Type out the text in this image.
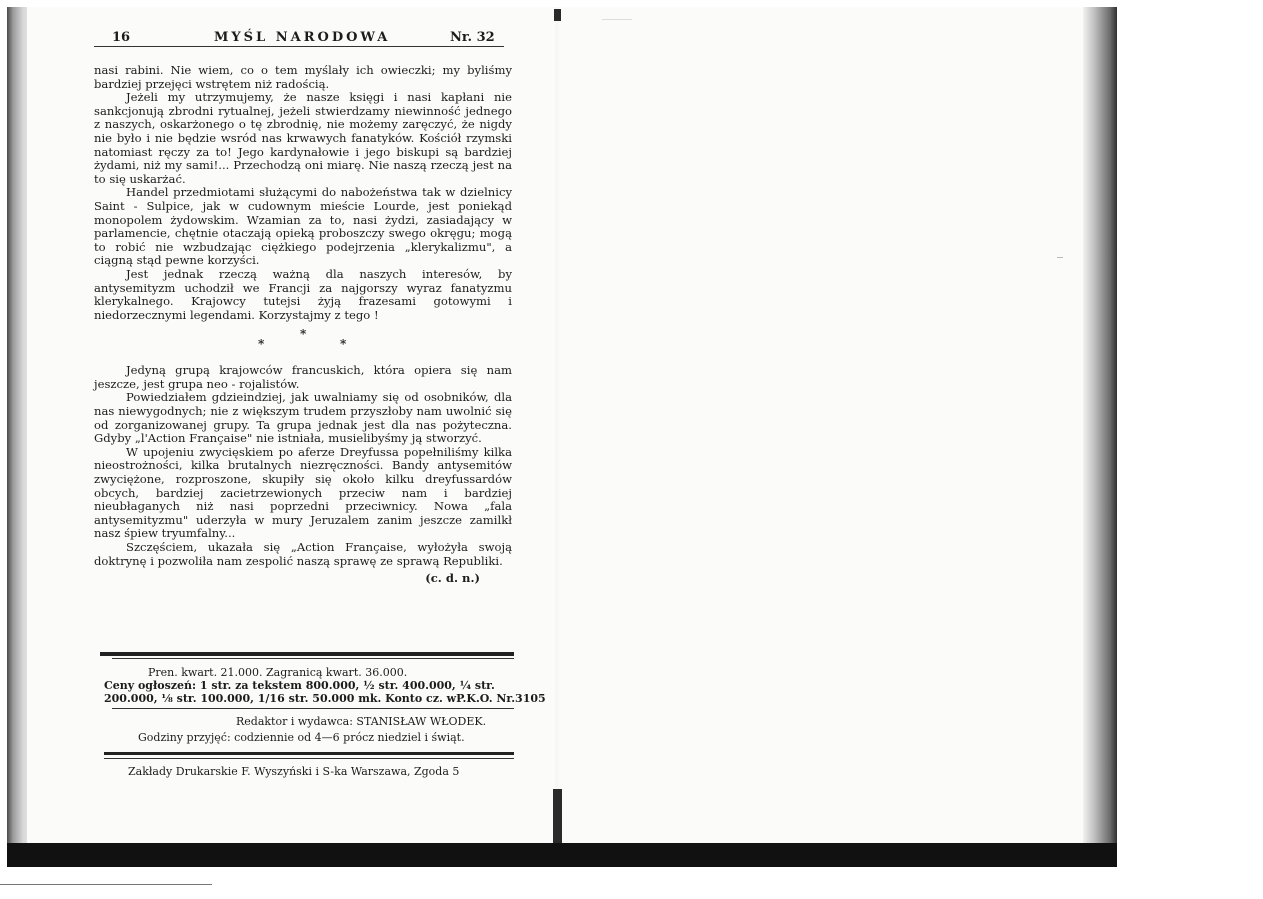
16	MYŚL NARODOWA	Nr. 32

nasi rabini. Nie wiem, co o tem myślały ich owieczki; my byliśmy bardziej przejęci wstrętem niż radością.

Jeżeli my utrzymujemy, że nasze księgi i nasi kapłani nie sankcjonują zbrodni rytualnej, jeżeli stwierdzamy niewinność jednego z naszych, oskarżonego o tę zbrodnię, nie możemy zaręczyć, że nigdy nie było i nie będzie wsród nas krwawych fanatyków. Kościół rzymski natomiast ręczy za to! Jego kardynałowie i jego biskupi są bardziej żydami, niż my sami!... Przechodzą oni miarę. Nie naszą rzeczą jest na to się uskarżać.

Handel przedmiotami służącymi do nabożeństwa tak w dzielnicy Saint - Sulpice, jak w cudownym mieście Lourde, jest poniekąd monopolem żydowskim. Wzamian za to, nasi żydzi, zasiadający w parlamencie, chętnie otaczają opieką proboszczy swego okręgu; mogą to robić nie wzbudzając ciężkiego podejrzenia „klerykalizmu", a ciągną stąd pewne korzyści.

Jest jednak rzeczą ważną dla naszych interesów, by antysemityzm uchodził we Francji za najgorszy wyraz fanatyzmu klerykalnego. Krajowcy tutejsi żyją frazesami gotowymi i niedorzecznymi legendami. Korzystajmy z tego !

*
*
*

Jedyną grupą krajowców francuskich, która opiera się nam jeszcze, jest grupa neo - rojalistów.

Powiedziałem gdzieindziej, jak uwalniamy się od osobników, dla nas niewygodnych; nie z większym trudem przyszłoby nam uwolnić się od zorganizowanej grupy. Ta grupa jednak jest dla nas pożyteczna. Gdyby „l'Action Française" nie istniała, musielibyśmy ją stworzyć.

W upojeniu zwycięskiem po aferze Dreyfussa popełniliśmy kilka nieostrożności, kilka brutalnych niezręczności. Bandy antysemitów zwyciężone, rozproszone, skupiły się około kilku dreyfussardów obcych, bardziej zacietrzewionych przeciw nam i bardziej nieubłaganych niż nasi poprzedni przeciwnicy. Nowa „fala antysemityzmu" uderzyła w mury Jeruzalem zanim jeszcze zamilkł nasz śpiew tryumfalny...

Szczęściem, ukazała się „Action Française, wyłożyła swoją doktrynę i pozwoliła nam zespolić naszą sprawę ze sprawą Republiki.

(c. d. n.)
Pren. kwart. 21.000. Zagranicą kwart. 36.000.
Ceny ogłoszeń: 1 str. za tekstem 800.000, ½ str. 400.000, ¼ str.
200.000, ⅛ str. 100.000, 1/16 str. 50.000 mk. Konto cz. wP.K.O. Nr.3105
Redaktor i wydawca: STANISŁAW WŁODEK.
Godziny przyjęć: codziennie od 4—6 prócz niedziel i świąt.
Zakłady Drukarskie F. Wyszyński i S-ka Warszawa, Zgoda 5
